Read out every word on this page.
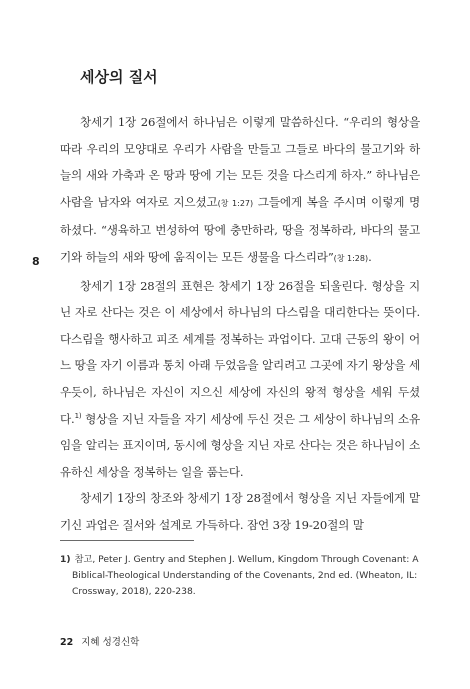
세상의 질서
8

창세기 1장 26절에서 하나님은 이렇게 말씀하신다. “우리의 형상을 따라 우리의 모양대로 우리가 사람을 만들고 그들로 바다의 물고기와 하늘의 새와 가축과 온 땅과 땅에 기는 모든 것을 다스리게 하자.” 하나님은 사람을 남자와 여자로 지으셨고(창 1:27) 그들에게 복을 주시며 이렇게 명하셨다. “생육하고 번성하여 땅에 충만하라, 땅을 정복하라, 바다의 물고기와 하늘의 새와 땅에 움직이는 모든 생물을 다스리라”(창 1:28).

창세기 1장 28절의 표현은 창세기 1장 26절을 되울린다. 형상을 지닌 자로 산다는 것은 이 세상에서 하나님의 다스림을 대리한다는 뜻이다. 다스림을 행사하고 피조 세계를 정복하는 과업이다. 고대 근동의 왕이 어느 땅을 자기 이름과 통치 아래 두었음을 알리려고 그곳에 자기 왕상을 세우듯이, 하나님은 자신이 지으신 세상에 자신의 왕적 형상을 세워 두셨다.$^{1)}$ 형상을 지닌 자들을 자기 세상에 두신 것은 그 세상이 하나님의 소유임을 알리는 표지이며, 동시에 형상을 지닌 자로 산다는 것은 하나님이 소유하신 세상을 정복하는 일을 품는다.

창세기 1장의 창조와 창세기 1장 28절에서 형상을 지닌 자들에게 맡기신 과업은 질서와 설계로 가득하다. 잠언 3장 19-20절의 말

1) 참고, Peter J. Gentry and Stephen J. Wellum, Kingdom Through Covenant: A Biblical-Theological Understanding of the Covenants, 2nd ed. (Wheaton, IL: Crossway, 2018), 220-238.

22 지혜 성경신학
